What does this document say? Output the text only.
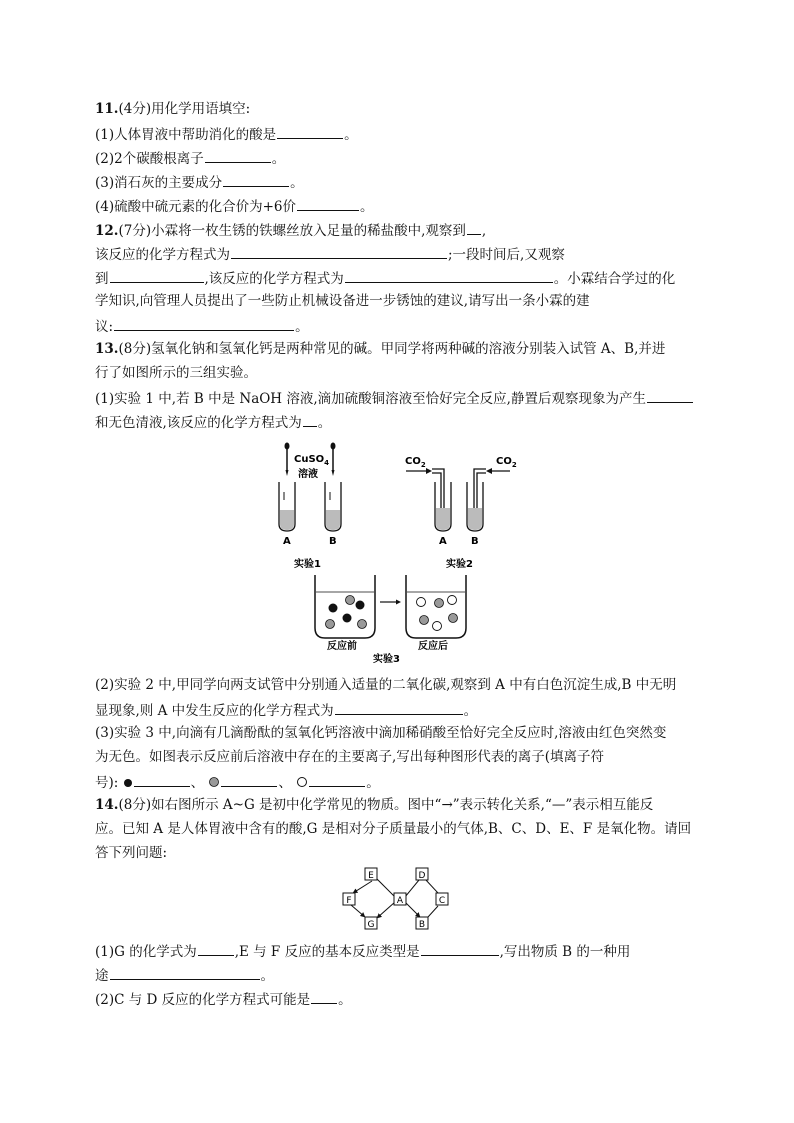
11.(4分)用化学用语填空:
(1)人体胃液中帮助消化的酸是	。
(2)2个碳酸根离子	。
(3)消石灰的主要成分	。
(4)硫酸中硫元素的化合价为+6价	。
12.(7分)小霖将一枚生锈的铁螺丝放入足量的稀盐酸中,观察到 ,
该反应的化学方程式为	;一段时间后,又观察
到	,该反应的化学方程式为	。小霖结合学过的化
学知识,向管理人员提出了一些防止机械设备进一步锈蚀的建议,请写出一条小霖的建
议:	。
13.(8分)氢氧化钠和氢氧化钙是两种常见的碱。甲同学将两种碱的溶液分别装入试管 A、B,并进
行了如图所示的三组实验。
(1)实验 1 中,若 B 中是 NaOH 溶液,滴加硫酸铜溶液至恰好完全反应,静置后观察现象为产生
和无色清液,该反应的化学方程式为 。
CuSO$_4$
溶液
A	B
实验1
$CO_2$	$CO_2$
A B
实验2
反应前	反应后
实验3
(2)实验 2 中,甲同学向两支试管中分别通入适量的二氧化碳,观察到 A 中有白色沉淀生成,B 中无明
显现象,则 A 中发生反应的化学方程式为	。
(3)实验 3 中,向滴有几滴酚酞的氢氧化钙溶液中滴加稀硝酸至恰好完全反应时,溶液由红色突然变
为无色。如图表示反应前后溶液中存在的主要离子,写出每种图形代表的离子(填离子符
号):	、	、	。
14.(8分)如右图所示 A~G 是初中化学常见的物质。图中“→”表示转化关系,“—”表示相互能反
应。已知 A 是人体胃液中含有的酸,G 是相对分子质量最小的气体,B、C、D、E、F 是氧化物。请回
答下列问题:
E	D
F	A	C
G	B
(1)G 的化学式为	,E 与 F 反应的基本反应类型是	,写出物质 B 的一种用
途	。
(2)C 与 D 反应的化学方程式可能是 。
